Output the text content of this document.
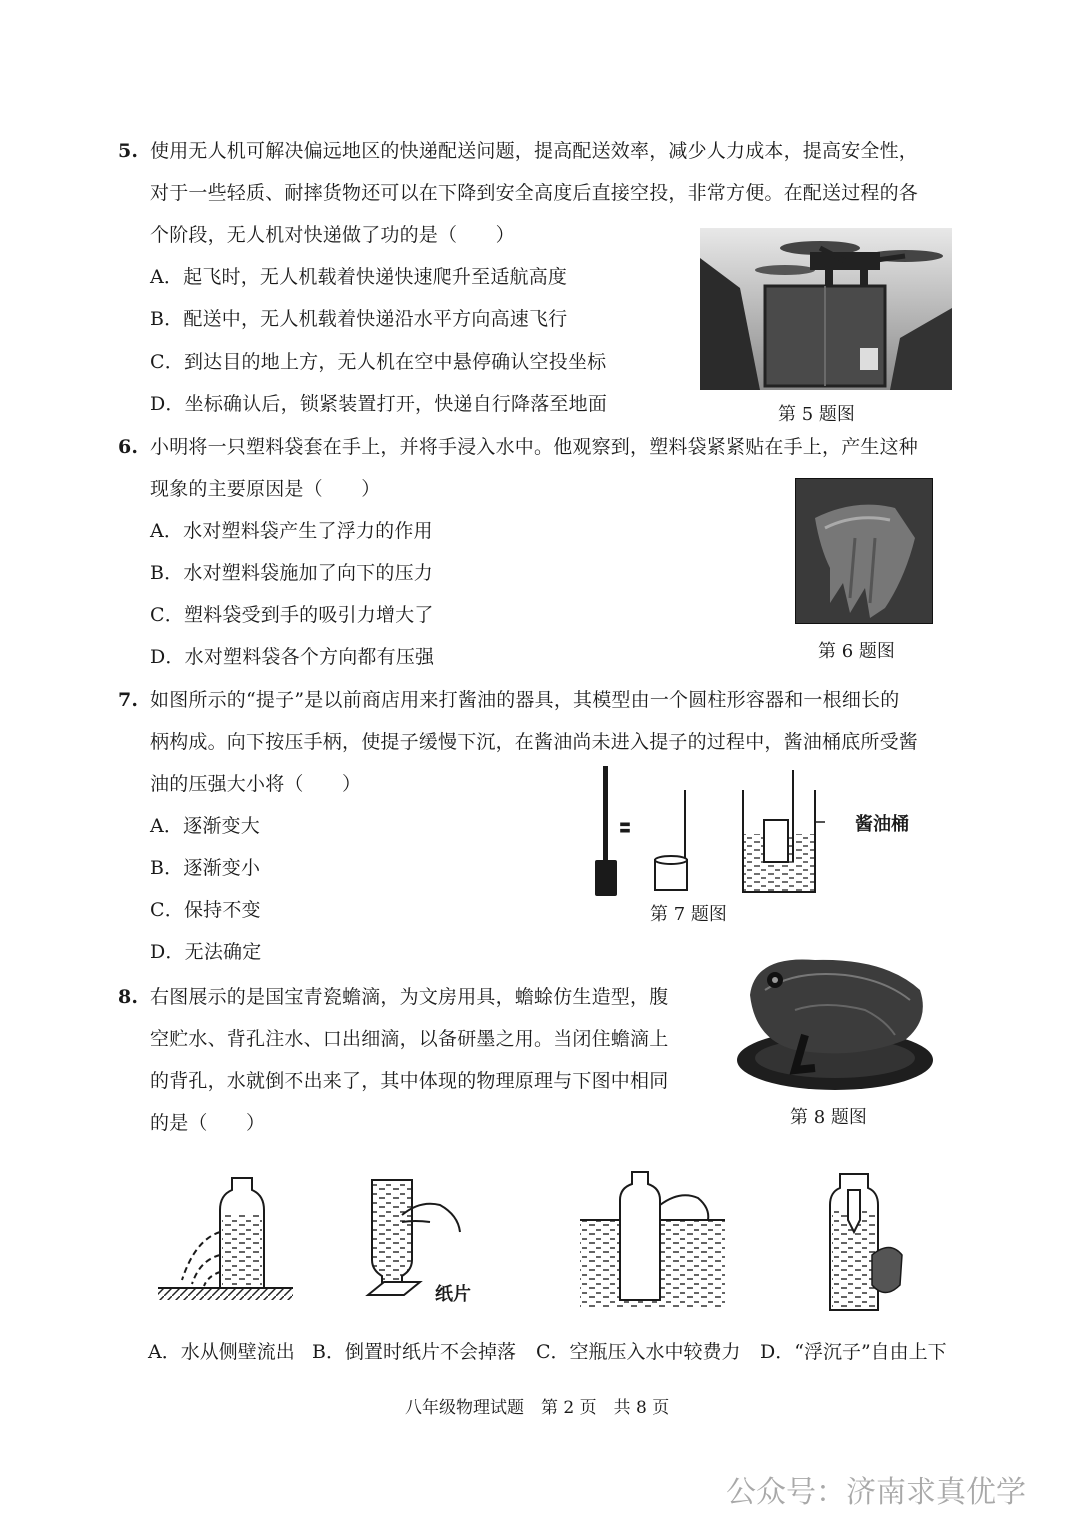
5. 使用无人机可解决偏远地区的快递配送问题，提高配送效率，减少人力成本，提高安全性，
对于一些轻质、耐摔货物还可以在下降到安全高度后直接空投，非常方便。在配送过程的各
个阶段，无人机对快递做了功的是（　　）
A．起飞时，无人机载着快递快速爬升至适航高度
B．配送中，无人机载着快递沿水平方向高速飞行
C．到达目的地上方，无人机在空中悬停确认空投坐标
D．坐标确认后，锁紧装置打开，快递自行降落至地面	第 5 题图
6. 小明将一只塑料袋套在手上，并将手浸入水中。他观察到，塑料袋紧紧贴在手上，产生这种
现象的主要原因是（　　）
A．水对塑料袋产生了浮力的作用
B．水对塑料袋施加了向下的压力
C．塑料袋受到手的吸引力增大了
D．水对塑料袋各个方向都有压强	第 6 题图
7. 如图所示的“提子”是以前商店用来打酱油的器具，其模型由一个圆柱形容器和一根细长的
柄构成。向下按压手柄，使提子缓慢下沉，在酱油尚未进入提子的过程中，酱油桶底所受酱
油的压强大小将（　　）
A．逐渐变大
B．逐渐变小
C．保持不变
D．无法确定
〓	酱油桶
第 7 题图
8. 右图展示的是国宝青瓷蟾滴，为文房用具，蟾蜍仿生造型，腹
空贮水、背孔注水、口出细滴，以备研墨之用。当闭住蟾滴上
的背孔，水就倒不出来了，其中体现的物理原理与下图中相同
的是（　　）	第 8 题图
纸片
A．水从侧壁流出 B．倒置时纸片不会掉落 C．空瓶压入水中较费力 D．“浮沉子”自由上下
八年级物理试题　第 2 页　共 8 页
公众号：济南求真优学
